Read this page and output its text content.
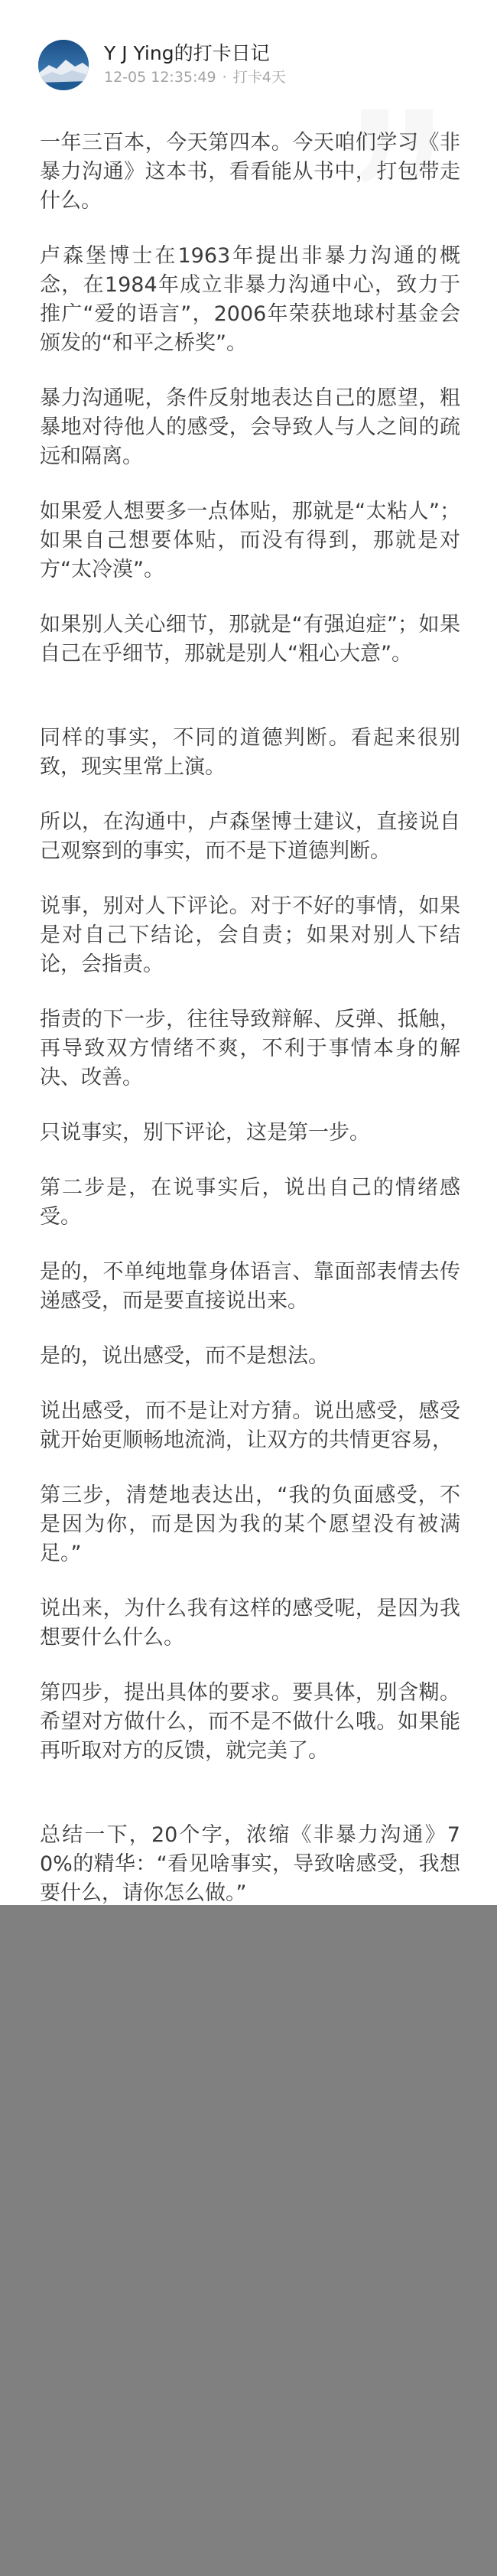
Y J Ying的打卡日记
12-05 12:35:49 · 打卡4天

一年三百本，今天第四本。今天咱们学习《非暴力沟通》这本书，看看能从书中，打包带走什么。

卢森堡博士在1963年提出非暴力沟通的概念，在1984年成立非暴力沟通中心，致力于推广“爱的语言”，2006年荣获地球村基金会颁发的“和平之桥奖”。

暴力沟通呢，条件反射地表达自己的愿望，粗暴地对待他人的感受，会导致人与人之间的疏远和隔离。

如果爱人想要多一点体贴，那就是“太粘人”；如果自己想要体贴，而没有得到，那就是对方“太冷漠”。

如果别人关心细节，那就是“有强迫症”；如果自己在乎细节，那就是别人“粗心大意”。

同样的事实，不同的道德判断。看起来很别致，现实里常上演。

所以，在沟通中，卢森堡博士建议，直接说自己观察到的事实，而不是下道德判断。

说事，别对人下评论。对于不好的事情，如果是对自己下结论，会自责；如果对别人下结论，会指责。

指责的下一步，往往导致辩解、反弹、抵触，再导致双方情绪不爽，不利于事情本身的解决、改善。

只说事实，别下评论，这是第一步。

第二步是，在说事实后，说出自己的情绪感受。

是的，不单纯地靠身体语言、靠面部表情去传递感受，而是要直接说出来。

是的，说出感受，而不是想法。

说出感受，而不是让对方猜。说出感受，感受就开始更顺畅地流淌，让双方的共情更容易，

第三步，清楚地表达出，“我的负面感受，不是因为你，而是因为我的某个愿望没有被满足。”

说出来，为什么我有这样的感受呢，是因为我想要什么什么。

第四步，提出具体的要求。要具体，别含糊。希望对方做什么，而不是不做什么哦。如果能再听取对方的反馈，就完美了。

总结一下，20个字，浓缩《非暴力沟通》70%的精华：“看见啥事实，导致啥感受，我想要什么，请你怎么做。”
